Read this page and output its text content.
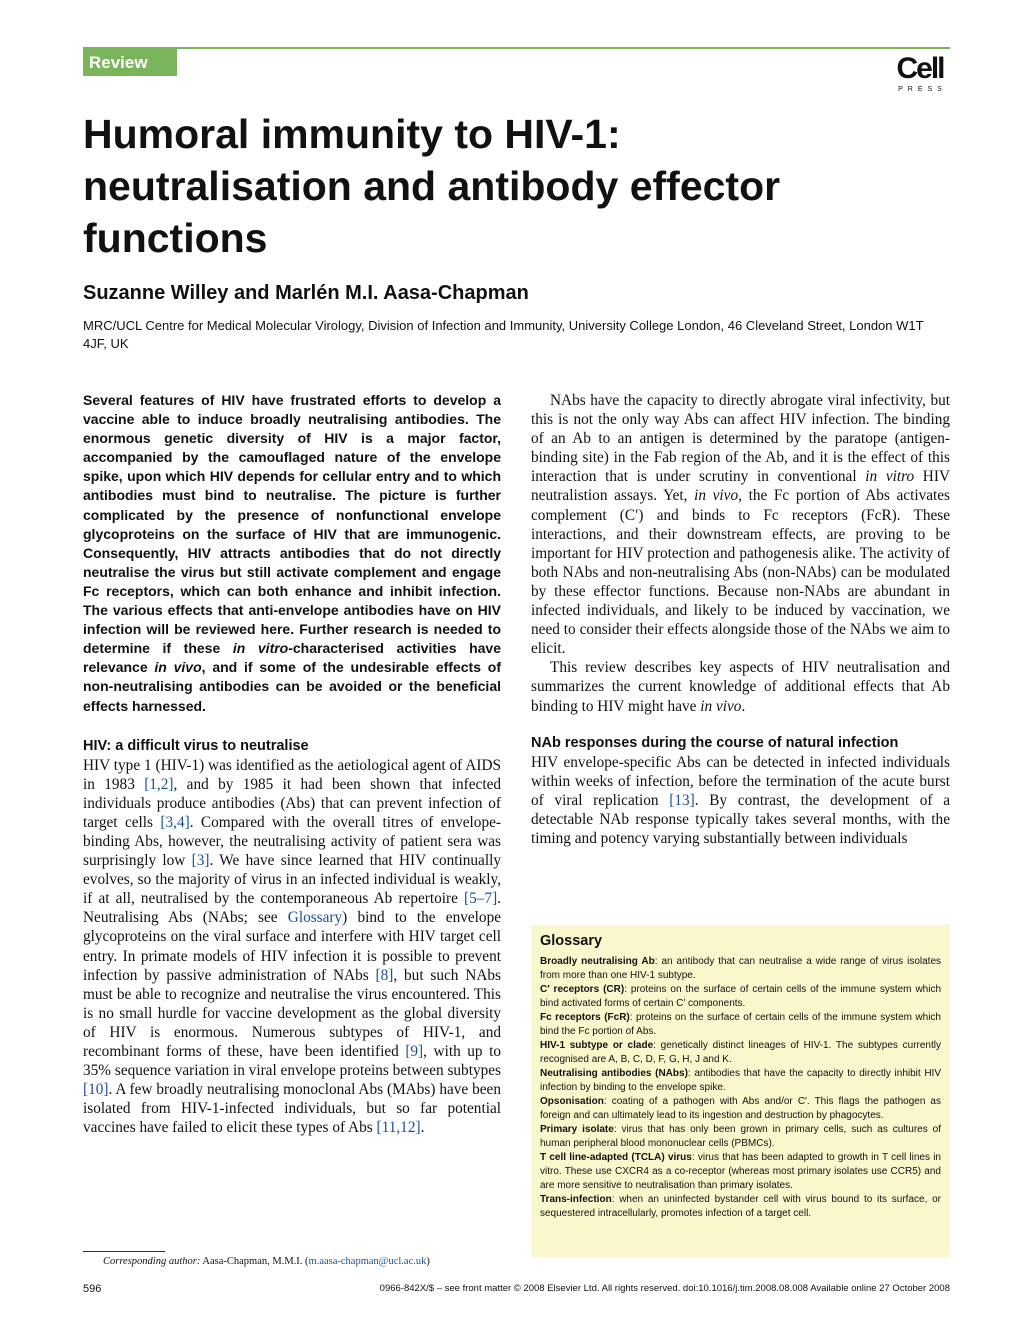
Review	Cell
PRESS
Humoral immunity to HIV-1:
neutralisation and antibody effector
functions

Suzanne Willey and Marlén M.I. Aasa-Chapman

MRC/UCL Centre for Medical Molecular Virology, Division of Infection and Immunity, University College London, 46 Cleveland Street, London W1T 4JF, UK

Several features of HIV have frustrated efforts to develop a vaccine able to induce broadly neutralising antibodies. The enormous genetic diversity of HIV is a major factor, accompanied by the camouflaged nature of the envelope spike, upon which HIV depends for cellular entry and to which antibodies must bind to neutralise. The picture is further complicated by the presence of nonfunctional envelope glycoproteins on the surface of HIV that are immunogenic. Consequently, HIV attracts antibodies that do not directly neutralise the virus but still activate complement and engage Fc receptors, which can both enhance and inhibit infection. The various effects that anti-envelope antibodies have on HIV infection will be reviewed here. Further research is needed to determine if these in vitro-characterised activities have relevance in vivo, and if some of the undesirable effects of non-neutralising antibodies can be avoided or the beneficial effects harnessed.

HIV: a difficult virus to neutralise

HIV type 1 (HIV-1) was identified as the aetiological agent of AIDS in 1983 [1,2], and by 1985 it had been shown that infected individuals produce antibodies (Abs) that can prevent infection of target cells [3,4]. Compared with the overall titres of envelope-binding Abs, however, the neutralising activity of patient sera was surprisingly low [3]. We have since learned that HIV continually evolves, so the majority of virus in an infected individual is weakly, if at all, neutralised by the contemporaneous Ab repertoire [5–7]. Neutralising Abs (NAbs; see Glossary) bind to the envelope glycoproteins on the viral surface and interfere with HIV target cell entry. In primate models of HIV infection it is possible to prevent infection by passive administration of NAbs [8], but such NAbs must be able to recognize and neutralise the virus encountered. This is no small hurdle for vaccine development as the global diversity of HIV is enormous. Numerous subtypes of HIV-1, and recombinant forms of these, have been identified [9], with up to 35% sequence variation in viral envelope proteins between subtypes [10]. A few broadly neutralising monoclonal Abs (MAbs) have been isolated from HIV-1-infected individuals, but so far potential vaccines have failed to elicit these types of Abs [11,12].

NAbs have the capacity to directly abrogate viral infectivity, but this is not the only way Abs can affect HIV infection. The binding of an Ab to an antigen is determined by the paratope (antigen-binding site) in the Fab region of the Ab, and it is the effect of this interaction that is under scrutiny in conventional in vitro HIV neutralistion assays. Yet, in vivo, the Fc portion of Abs activates complement (C′) and binds to Fc receptors (FcR). These interactions, and their downstream effects, are proving to be important for HIV protection and pathogenesis alike. The activity of both NAbs and non-neutralising Abs (non-NAbs) can be modulated by these effector functions. Because non-NAbs are abundant in infected individuals, and likely to be induced by vaccination, we need to consider their effects alongside those of the NAbs we aim to elicit.

This review describes key aspects of HIV neutralisation and summarizes the current knowledge of additional effects that Ab binding to HIV might have in vivo.

NAb responses during the course of natural infection

HIV envelope-specific Abs can be detected in infected individuals within weeks of infection, before the termination of the acute burst of viral replication [13]. By contrast, the development of a detectable NAb response typically takes several months, with the timing and potency varying substantially between individuals

Glossary

Broadly neutralising Ab: an antibody that can neutralise a wide range of virus isolates from more than one HIV-1 subtype.

C′ receptors (CR): proteins on the surface of certain cells of the immune system which bind activated forms of certain C′ components.

Fc receptors (FcR): proteins on the surface of certain cells of the immune system which bind the Fc portion of Abs.

HIV-1 subtype or clade: genetically distinct lineages of HIV-1. The subtypes currently recognised are A, B, C, D, F, G, H, J and K.

Neutralising antibodies (NAbs): antibodies that have the capacity to directly inhibit HIV infection by binding to the envelope spike.

Opsonisation: coating of a pathogen with Abs and/or C′. This flags the pathogen as foreign and can ultimately lead to its ingestion and destruction by phagocytes.

Primary isolate: virus that has only been grown in primary cells, such as cultures of human peripheral blood mononuclear cells (PBMCs).

T cell line-adapted (TCLA) virus: virus that has been adapted to growth in T cell lines in vitro. These use CXCR4 as a co-receptor (whereas most primary isolates use CCR5) and are more sensitive to neutralisation than primary isolates.

Trans-infection: when an uninfected bystander cell with virus bound to its surface, or sequestered intracellularly, promotes infection of a target cell.

Corresponding author: Aasa-Chapman, M.M.I. (m.aasa-chapman@ucl.ac.uk)

596	0966-842X/$ – see front matter © 2008 Elsevier Ltd. All rights reserved. doi:10.1016/j.tim.2008.08.008 Available online 27 October 2008
